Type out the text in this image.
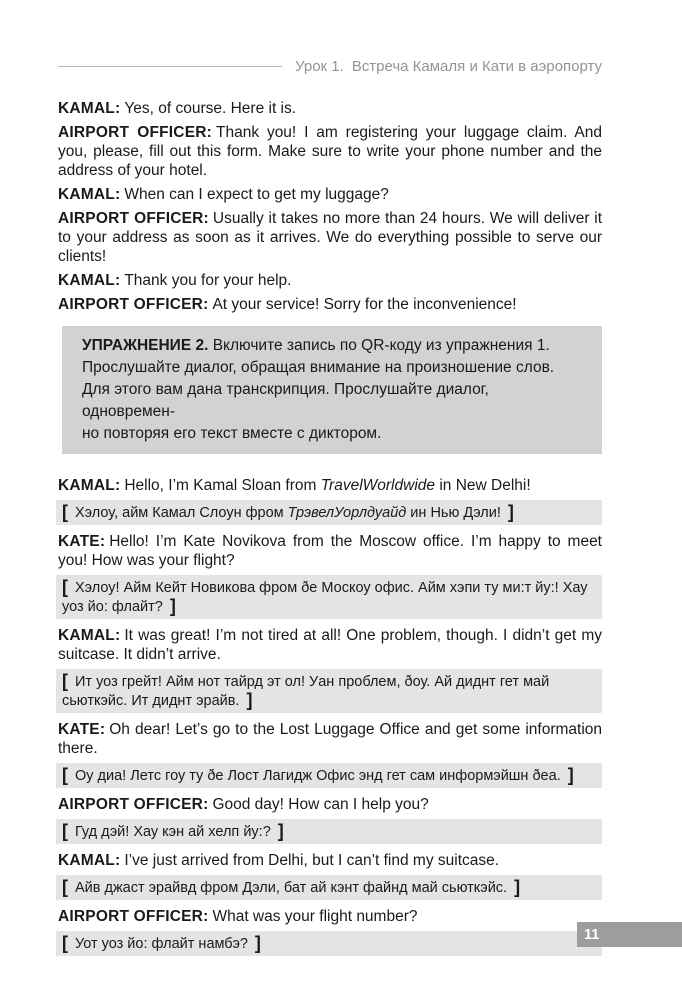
Урок 1. Встреча Камаля и Кати в аэропорту

KAMAL: Yes, of course. Here it is.

AIRPORT OFFICER: Thank you! I am registering your luggage claim. And you, please, fill out this form. Make sure to write your phone number and the address of your hotel.

KAMAL: When can I expect to get my luggage?

AIRPORT OFFICER: Usually it takes no more than 24 hours. We will deliver it to your address as soon as it arrives. We do everything possible to serve our clients!

KAMAL: Thank you for your help.

AIRPORT OFFICER: At your service! Sorry for the inconvenience!

УПРАЖНЕНИЕ 2. Включите запись по QR-коду из упражнения 1.
Прослушайте диалог, обращая внимание на произношение слов.
Для этого вам дана транскрипция. Прослушайте диалог, одновремен-
но повторяя его текст вместе с диктором.

KAMAL: Hello, I’m Kamal Sloan from TravelWorldwide in New Delhi!

[ Хэлоу, айм Камал Слоун фром ТрэвелУорлдуайд ин Нью Дэли! ]

KATE: Hello! I’m Kate Novikova from the Moscow office. I’m happy to meet you! How was your flight?

[ Хэлоу! Айм Кейт Новикова фром ðе Москоу офис. Айм хэпи ту ми:т йу:! Хау уоз йо: флайт? ]

KAMAL: It was great! I’m not tired at all! One problem, though. I didn’t get my suitcase. It didn’t arrive.

[ Ит уоз грейт! Айм нот тайрд эт ол! Уан проблем, ðоу. Ай диднт гет май сьюткэйс. Ит диднт эрайв. ]

KATE: Oh dear! Let’s go to the Lost Luggage Office and get some information there.

[ Оу диа! Летс гоу ту ðе Лост Лагидж Офис энд гет сам информэйшн ðеа. ]

AIRPORT OFFICER: Good day! How can I help you?

[ Гуд дэй! Хау кэн ай хелп йу:? ]

KAMAL: I’ve just arrived from Delhi, but I can’t find my suitcase.

[ Айв джаст эрайвд фром Дэли, бат ай кэнт файнд май сьюткэйс. ]

AIRPORT OFFICER: What was your flight number?

[ Уот уоз йо: флайт намбэ? ]	11
